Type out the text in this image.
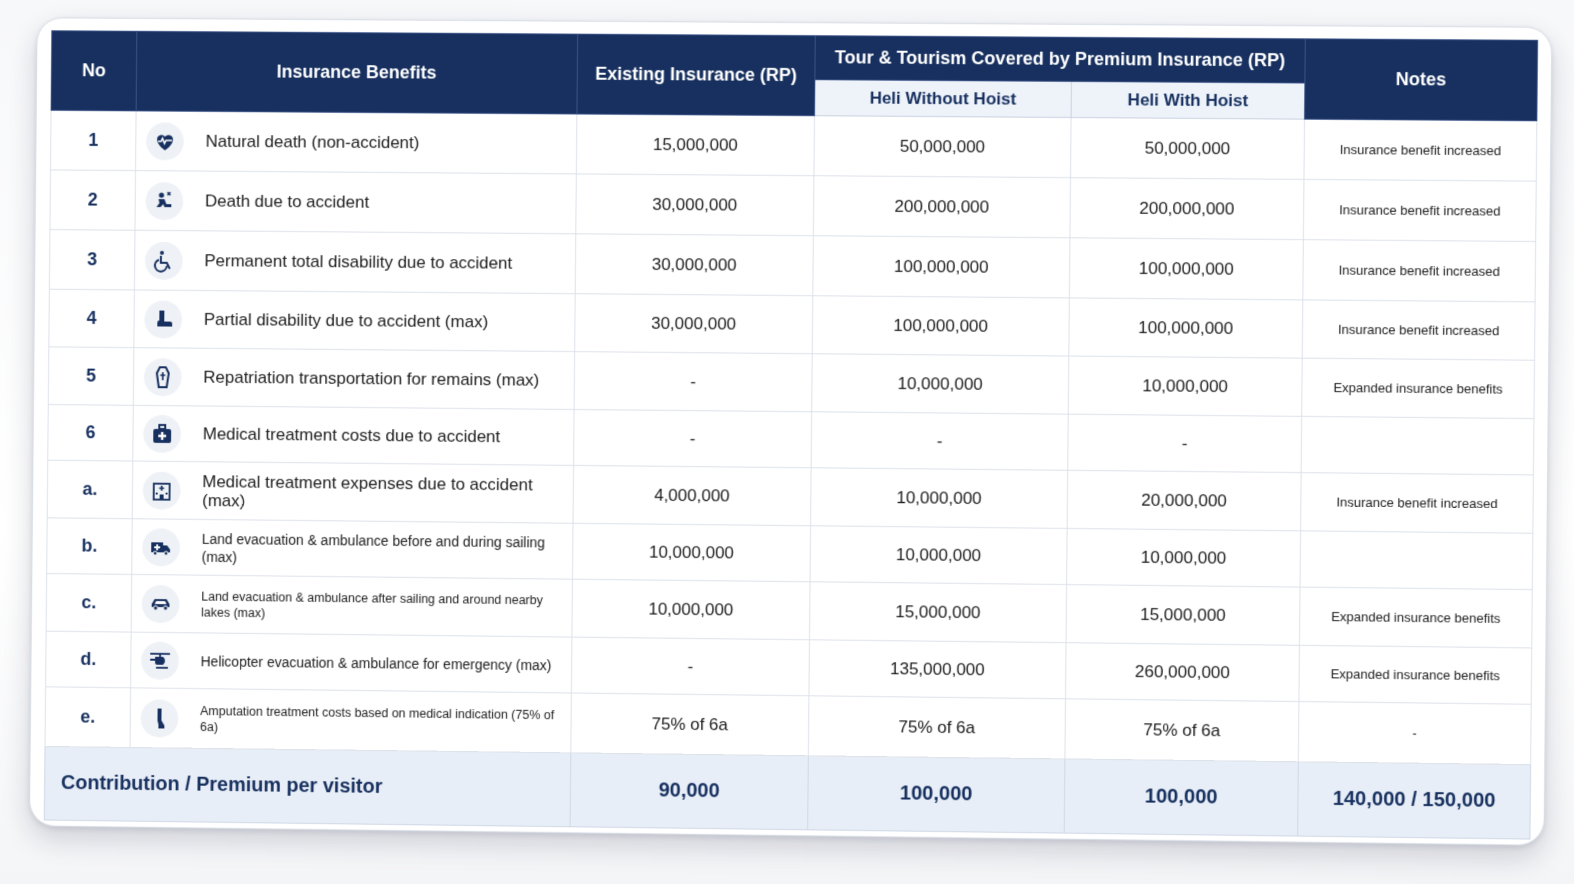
No	Insurance Benefits	Existing Insurance (RP)	Tour & Tourism Covered by Premium Insurance (RP)		Notes
			Heli Without Hoist	Heli With Hoist	
1	Natural death (non-accident)	15,000,000	50,000,000	50,000,000	Insurance benefit increased
2	Death due to accident	30,000,000	200,000,000	200,000,000	Insurance benefit increased
3	Permanent total disability due to accident	30,000,000	100,000,000	100,000,000	Insurance benefit increased
4	Partial disability due to accident (max)	30,000,000	100,000,000	100,000,000	Insurance benefit increased
5	Repatriation transportation for remains (max)	-	10,000,000	10,000,000	Expanded insurance benefits
6	Medical treatment costs due to accident	-	-	-	
a.	Medical treatment expenses due to accident (max)	4,000,000	10,000,000	20,000,000	Insurance benefit increased
b.	Land evacuation & ambulance before and during sailing (max)	10,000,000	10,000,000	10,000,000	
c.	Land evacuation & ambulance after sailing and around nearby lakes (max)	10,000,000	15,000,000	15,000,000	Expanded insurance benefits
d.	Helicopter evacuation & ambulance for emergency (max)	-	135,000,000	260,000,000	Expanded insurance benefits
e.	Amputation treatment costs based on medical indication (75% of 6a)	75% of 6a	75% of 6a	75% of 6a	-
Contribution / Premium per visitor		90,000	100,000	100,000	140,000 / 150,000
